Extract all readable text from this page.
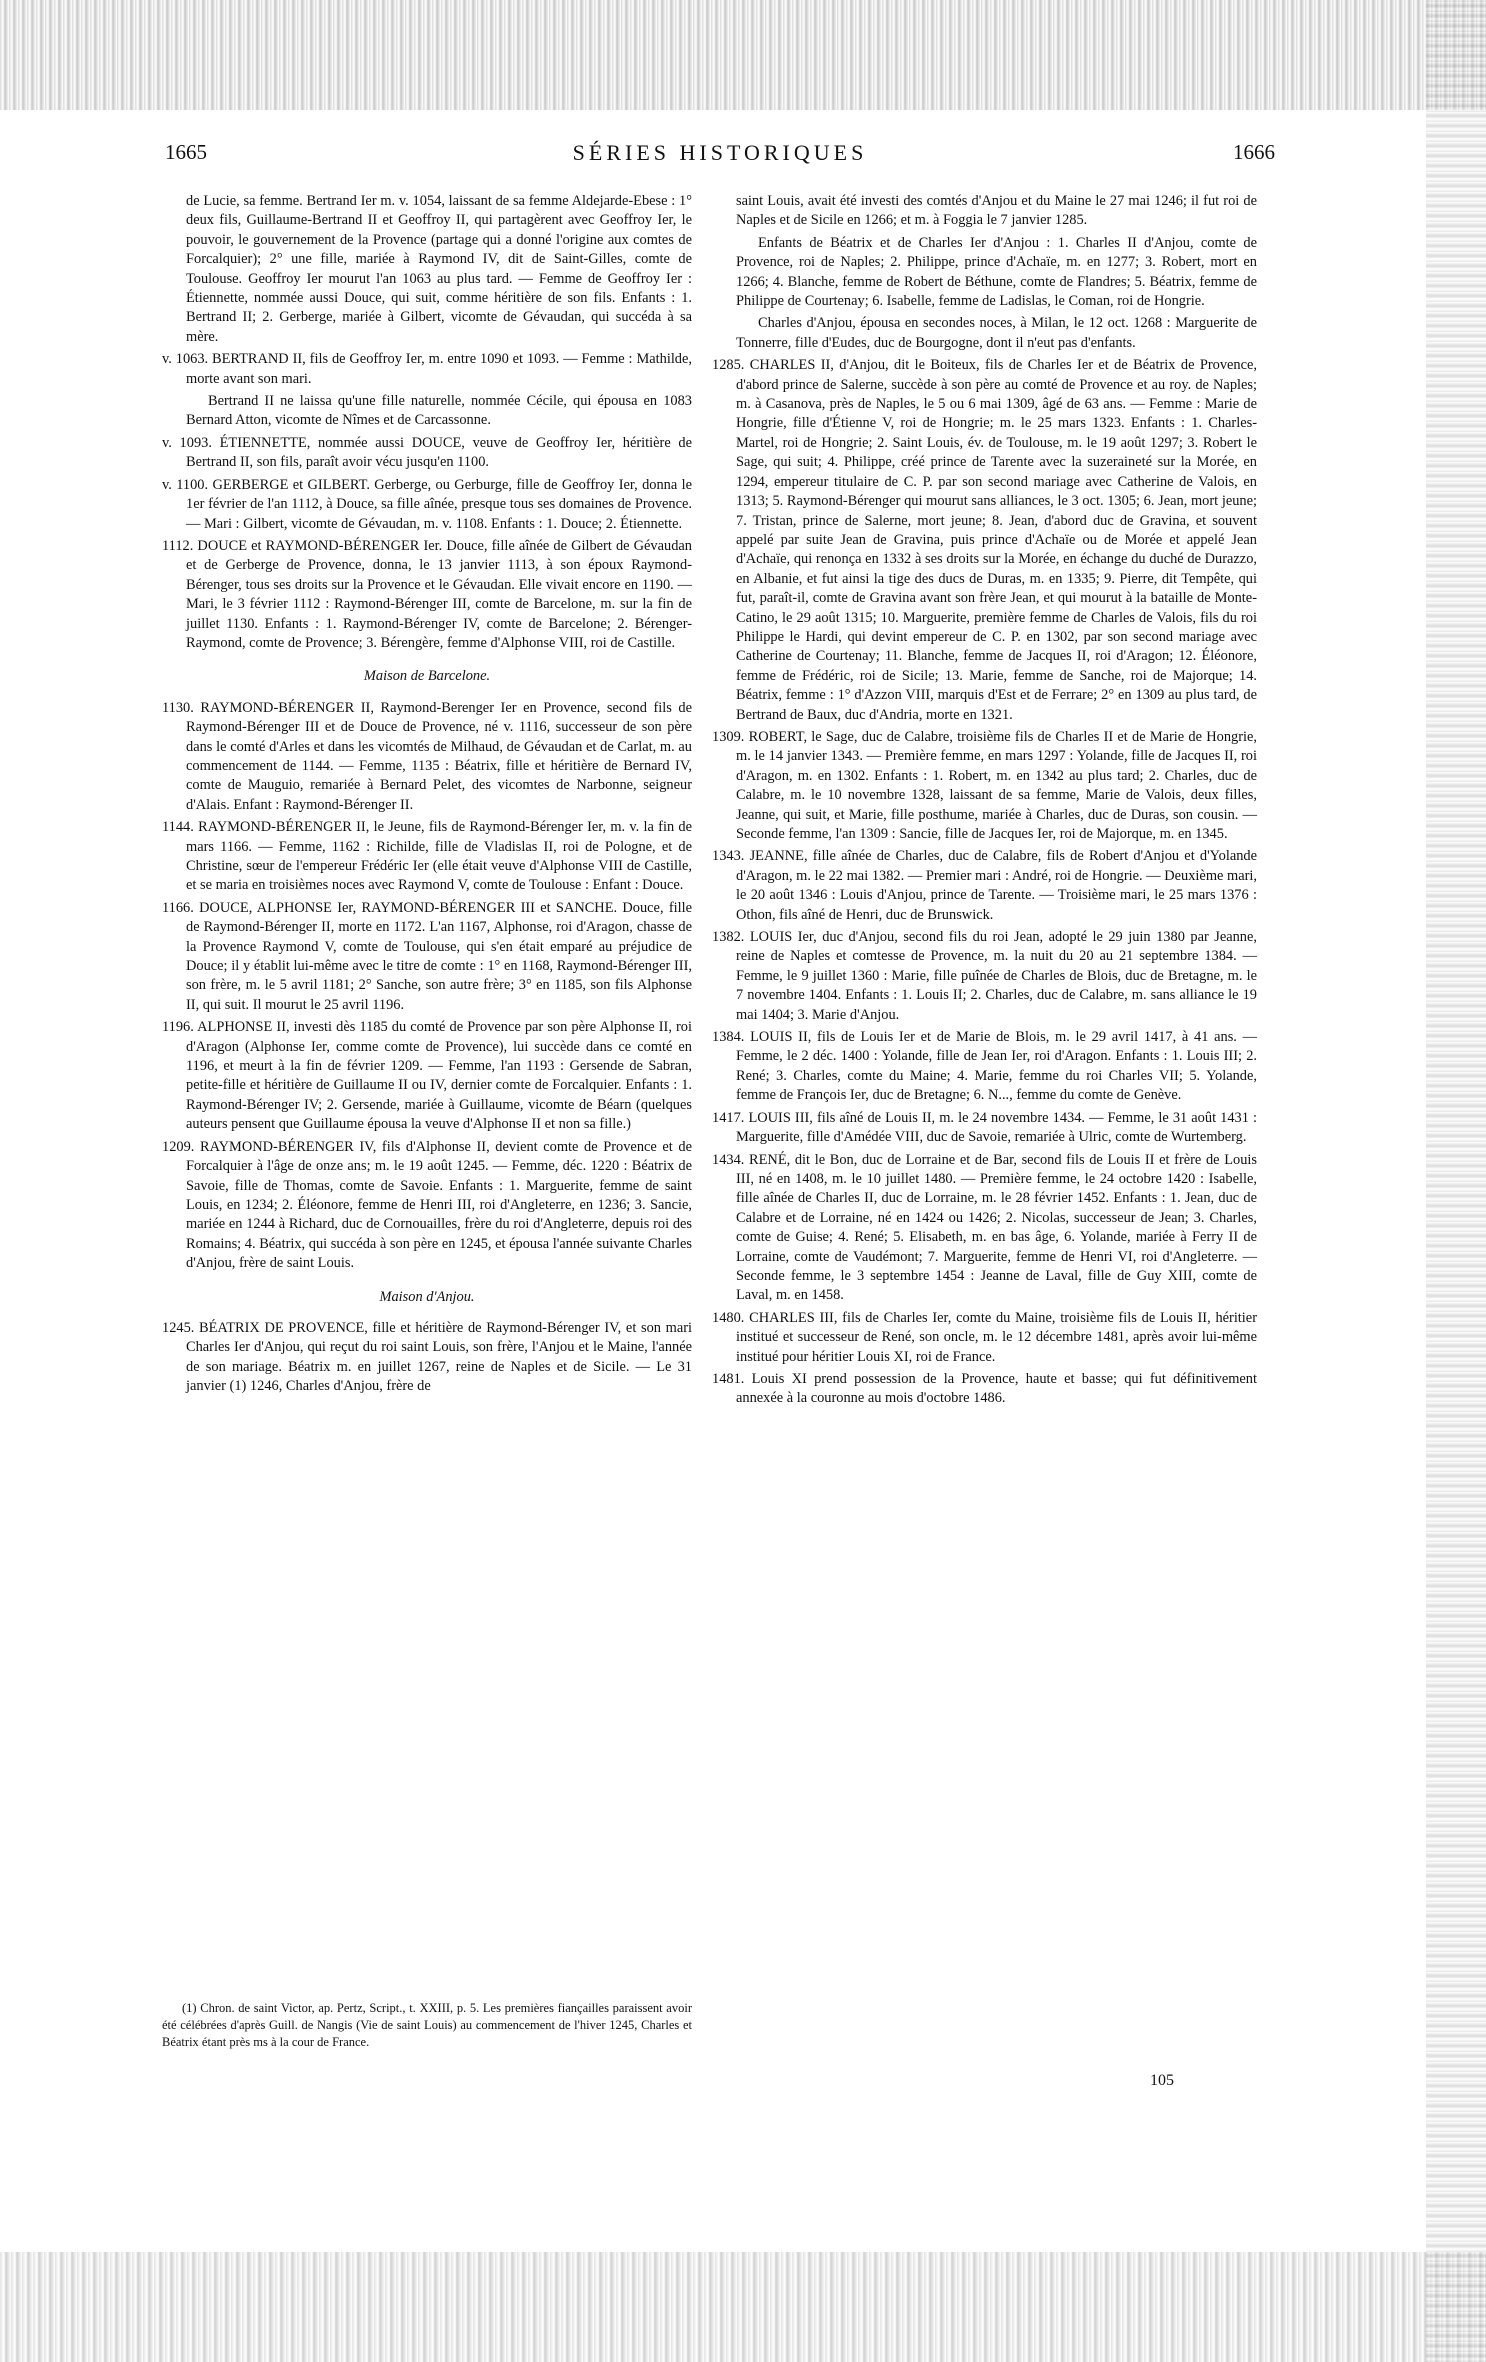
1665	SÉRIES HISTORIQUES	1666

de Lucie, sa femme. Bertrand Ier m. v. 1054, laissant de sa femme Aldejarde-Ebese : 1° deux fils, Guillaume-Bertrand II et Geoffroy II, qui partagèrent avec Geoffroy Ier, le pouvoir, le gouvernement de la Provence (partage qui a donné l'origine aux comtes de Forcalquier); 2° une fille, mariée à Raymond IV, dit de Saint-Gilles, comte de Toulouse. Geoffroy Ier mourut l'an 1063 au plus tard. — Femme de Geoffroy Ier : Étiennette, nommée aussi Douce, qui suit, comme héritière de son fils. Enfants : 1. Bertrand II; 2. Gerberge, mariée à Gilbert, vicomte de Gévaudan, qui succéda à sa mère.

v. 1063. BERTRAND II, fils de Geoffroy Ier, m. entre 1090 et 1093. — Femme : Mathilde, morte avant son mari.

Bertrand II ne laissa qu'une fille naturelle, nommée Cécile, qui épousa en 1083 Bernard Atton, vicomte de Nîmes et de Carcassonne.

v. 1093. ÉTIENNETTE, nommée aussi DOUCE, veuve de Geoffroy Ier, héritière de Bertrand II, son fils, paraît avoir vécu jusqu'en 1100.

v. 1100. GERBERGE et GILBERT. Gerberge, ou Gerburge, fille de Geoffroy Ier, donna le 1er février de l'an 1112, à Douce, sa fille aînée, presque tous ses domaines de Provence. — Mari : Gilbert, vicomte de Gévaudan, m. v. 1108. Enfants : 1. Douce; 2. Étiennette.

1112. DOUCE et RAYMOND-BÉRENGER Ier. Douce, fille aînée de Gilbert de Gévaudan et de Gerberge de Provence, donna, le 13 janvier 1113, à son époux Raymond-Bérenger, tous ses droits sur la Provence et le Gévaudan. Elle vivait encore en 1190. — Mari, le 3 février 1112 : Raymond-Bérenger III, comte de Barcelone, m. sur la fin de juillet 1130. Enfants : 1. Raymond-Bérenger IV, comte de Barcelone; 2. Bérenger-Raymond, comte de Provence; 3. Bérengère, femme d'Alphonse VIII, roi de Castille.

Maison de Barcelone.

1130. RAYMOND-BÉRENGER II, Raymond-Berenger Ier en Provence, second fils de Raymond-Bérenger III et de Douce de Provence, né v. 1116, successeur de son père dans le comté d'Arles et dans les vicomtés de Milhaud, de Gévaudan et de Carlat, m. au commencement de 1144. — Femme, 1135 : Béatrix, fille et héritière de Bernard IV, comte de Mauguio, remariée à Bernard Pelet, des vicomtes de Narbonne, seigneur d'Alais. Enfant : Raymond-Bérenger II.

1144. RAYMOND-BÉRENGER II, le Jeune, fils de Raymond-Bérenger Ier, m. v. la fin de mars 1166. — Femme, 1162 : Richilde, fille de Vladislas II, roi de Pologne, et de Christine, sœur de l'empereur Frédéric Ier (elle était veuve d'Alphonse VIII de Castille, et se maria en troisièmes noces avec Raymond V, comte de Toulouse : Enfant : Douce.

1166. DOUCE, ALPHONSE Ier, RAYMOND-BÉRENGER III et SANCHE. Douce, fille de Raymond-Bérenger II, morte en 1172. L'an 1167, Alphonse, roi d'Aragon, chasse de la Provence Raymond V, comte de Toulouse, qui s'en était emparé au préjudice de Douce; il y établit lui-même avec le titre de comte : 1° en 1168, Raymond-Bérenger III, son frère, m. le 5 avril 1181; 2° Sanche, son autre frère; 3° en 1185, son fils Alphonse II, qui suit. Il mourut le 25 avril 1196.

1196. ALPHONSE II, investi dès 1185 du comté de Provence par son père Alphonse II, roi d'Aragon (Alphonse Ier, comme comte de Provence), lui succède dans ce comté en 1196, et meurt à la fin de février 1209. — Femme, l'an 1193 : Gersende de Sabran, petite-fille et héritière de Guillaume II ou IV, dernier comte de Forcalquier. Enfants : 1. Raymond-Bérenger IV; 2. Gersende, mariée à Guillaume, vicomte de Béarn (quelques auteurs pensent que Guillaume épousa la veuve d'Alphonse II et non sa fille.)

1209. RAYMOND-BÉRENGER IV, fils d'Alphonse II, devient comte de Provence et de Forcalquier à l'âge de onze ans; m. le 19 août 1245. — Femme, déc. 1220 : Béatrix de Savoie, fille de Thomas, comte de Savoie. Enfants : 1. Marguerite, femme de saint Louis, en 1234; 2. Éléonore, femme de Henri III, roi d'Angleterre, en 1236; 3. Sancie, mariée en 1244 à Richard, duc de Cornouailles, frère du roi d'Angleterre, depuis roi des Romains; 4. Béatrix, qui succéda à son père en 1245, et épousa l'année suivante Charles d'Anjou, frère de saint Louis.

Maison d'Anjou.

1245. BÉATRIX DE PROVENCE, fille et héritière de Raymond-Bérenger IV, et son mari Charles Ier d'Anjou, qui reçut du roi saint Louis, son frère, l'Anjou et le Maine, l'année de son mariage. Béatrix m. en juillet 1267, reine de Naples et de Sicile. — Le 31 janvier (1) 1246, Charles d'Anjou, frère de

saint Louis, avait été investi des comtés d'Anjou et du Maine le 27 mai 1246; il fut roi de Naples et de Sicile en 1266; et m. à Foggia le 7 janvier 1285.

Enfants de Béatrix et de Charles Ier d'Anjou : 1. Charles II d'Anjou, comte de Provence, roi de Naples; 2. Philippe, prince d'Achaïe, m. en 1277; 3. Robert, mort en 1266; 4. Blanche, femme de Robert de Béthune, comte de Flandres; 5. Béatrix, femme de Philippe de Courtenay; 6. Isabelle, femme de Ladislas, le Coman, roi de Hongrie.

Charles d'Anjou, épousa en secondes noces, à Milan, le 12 oct. 1268 : Marguerite de Tonnerre, fille d'Eudes, duc de Bourgogne, dont il n'eut pas d'enfants.

1285. CHARLES II, d'Anjou, dit le Boiteux, fils de Charles Ier et de Béatrix de Provence, d'abord prince de Salerne, succède à son père au comté de Provence et au roy. de Naples; m. à Casanova, près de Naples, le 5 ou 6 mai 1309, âgé de 63 ans. — Femme : Marie de Hongrie, fille d'Étienne V, roi de Hongrie; m. le 25 mars 1323. Enfants : 1. Charles-Martel, roi de Hongrie; 2. Saint Louis, év. de Toulouse, m. le 19 août 1297; 3. Robert le Sage, qui suit; 4. Philippe, créé prince de Tarente avec la suzeraineté sur la Morée, en 1294, empereur titulaire de C. P. par son second mariage avec Catherine de Valois, en 1313; 5. Raymond-Bérenger qui mourut sans alliances, le 3 oct. 1305; 6. Jean, mort jeune; 7. Tristan, prince de Salerne, mort jeune; 8. Jean, d'abord duc de Gravina, et souvent appelé par suite Jean de Gravina, puis prince d'Achaïe ou de Morée et appelé Jean d'Achaïe, qui renonça en 1332 à ses droits sur la Morée, en échange du duché de Durazzo, en Albanie, et fut ainsi la tige des ducs de Duras, m. en 1335; 9. Pierre, dit Tempête, qui fut, paraît-il, comte de Gravina avant son frère Jean, et qui mourut à la bataille de Monte-Catino, le 29 août 1315; 10. Marguerite, première femme de Charles de Valois, fils du roi Philippe le Hardi, qui devint empereur de C. P. en 1302, par son second mariage avec Catherine de Courtenay; 11. Blanche, femme de Jacques II, roi d'Aragon; 12. Éléonore, femme de Frédéric, roi de Sicile; 13. Marie, femme de Sanche, roi de Majorque; 14. Béatrix, femme : 1° d'Azzon VIII, marquis d'Est et de Ferrare; 2° en 1309 au plus tard, de Bertrand de Baux, duc d'Andria, morte en 1321.

1309. ROBERT, le Sage, duc de Calabre, troisième fils de Charles II et de Marie de Hongrie, m. le 14 janvier 1343. — Première femme, en mars 1297 : Yolande, fille de Jacques II, roi d'Aragon, m. en 1302. Enfants : 1. Robert, m. en 1342 au plus tard; 2. Charles, duc de Calabre, m. le 10 novembre 1328, laissant de sa femme, Marie de Valois, deux filles, Jeanne, qui suit, et Marie, fille posthume, mariée à Charles, duc de Duras, son cousin. — Seconde femme, l'an 1309 : Sancie, fille de Jacques Ier, roi de Majorque, m. en 1345.

1343. JEANNE, fille aînée de Charles, duc de Calabre, fils de Robert d'Anjou et d'Yolande d'Aragon, m. le 22 mai 1382. — Premier mari : André, roi de Hongrie. — Deuxième mari, le 20 août 1346 : Louis d'Anjou, prince de Tarente. — Troisième mari, le 25 mars 1376 : Othon, fils aîné de Henri, duc de Brunswick.

1382. LOUIS Ier, duc d'Anjou, second fils du roi Jean, adopté le 29 juin 1380 par Jeanne, reine de Naples et comtesse de Provence, m. la nuit du 20 au 21 septembre 1384. — Femme, le 9 juillet 1360 : Marie, fille puînée de Charles de Blois, duc de Bretagne, m. le 7 novembre 1404. Enfants : 1. Louis II; 2. Charles, duc de Calabre, m. sans alliance le 19 mai 1404; 3. Marie d'Anjou.

1384. LOUIS II, fils de Louis Ier et de Marie de Blois, m. le 29 avril 1417, à 41 ans. — Femme, le 2 déc. 1400 : Yolande, fille de Jean Ier, roi d'Aragon. Enfants : 1. Louis III; 2. René; 3. Charles, comte du Maine; 4. Marie, femme du roi Charles VII; 5. Yolande, femme de François Ier, duc de Bretagne; 6. N..., femme du comte de Genève.

1417. LOUIS III, fils aîné de Louis II, m. le 24 novembre 1434. — Femme, le 31 août 1431 : Marguerite, fille d'Amédée VIII, duc de Savoie, remariée à Ulric, comte de Wurtemberg.

1434. RENÉ, dit le Bon, duc de Lorraine et de Bar, second fils de Louis II et frère de Louis III, né en 1408, m. le 10 juillet 1480. — Première femme, le 24 octobre 1420 : Isabelle, fille aînée de Charles II, duc de Lorraine, m. le 28 février 1452. Enfants : 1. Jean, duc de Calabre et de Lorraine, né en 1424 ou 1426; 2. Nicolas, successeur de Jean; 3. Charles, comte de Guise; 4. René; 5. Elisabeth, m. en bas âge, 6. Yolande, mariée à Ferry II de Lorraine, comte de Vaudémont; 7. Marguerite, femme de Henri VI, roi d'Angleterre. — Seconde femme, le 3 septembre 1454 : Jeanne de Laval, fille de Guy XIII, comte de Laval, m. en 1458.

1480. CHARLES III, fils de Charles Ier, comte du Maine, troisième fils de Louis II, héritier institué et successeur de René, son oncle, m. le 12 décembre 1481, après avoir lui-même institué pour héritier Louis XI, roi de France.

1481. Louis XI prend possession de la Provence, haute et basse; qui fut définitivement annexée à la couronne au mois d'octobre 1486.

(1) Chron. de saint Victor, ap. Pertz, Script., t. XXIII, p. 5. Les premières fiançailles paraissent avoir été célébrées d'après Guill. de Nangis (Vie de saint Louis) au commencement de l'hiver 1245, Charles et Béatrix étant près ms à la cour de France.
105
